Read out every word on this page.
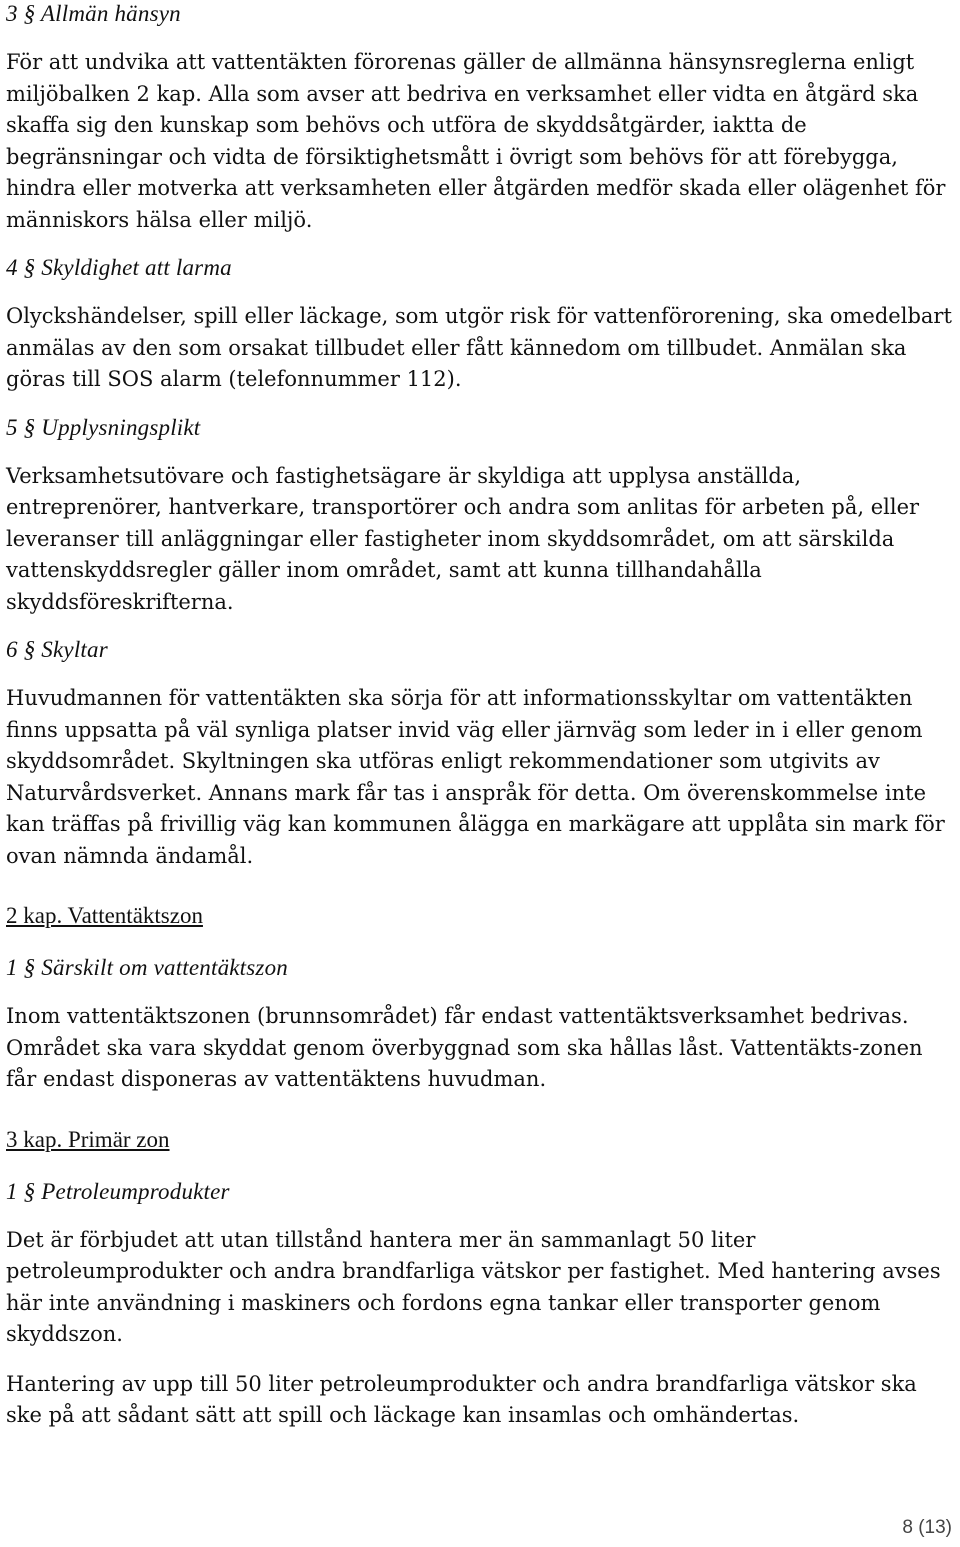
3 § Allmän hänsyn

För att undvika att vattentäkten förorenas gäller de allmänna hänsynsreglerna enligt miljöbalken 2 kap. Alla som avser att bedriva en verksamhet eller vidta en åtgärd ska skaffa sig den kunskap som behövs och utföra de skyddsåtgärder, iaktta de begränsningar och vidta de försiktighetsmått i övrigt som behövs för att förebygga, hindra eller motverka att verksamheten eller åtgärden medför skada eller olägenhet för människors hälsa eller miljö.

4 § Skyldighet att larma

Olyckshändelser, spill eller läckage, som utgör risk för vattenförorening, ska omedelbart anmälas av den som orsakat tillbudet eller fått kännedom om tillbudet. Anmälan ska göras till SOS alarm (telefonnummer 112).

5 § Upplysningsplikt

Verksamhetsutövare och fastighetsägare är skyldiga att upplysa anställda, entreprenörer, hantverkare, transportörer och andra som anlitas för arbeten på, eller leveranser till anläggningar eller fastigheter inom skyddsområdet, om att särskilda vattenskyddsregler gäller inom området, samt att kunna tillhandahålla skyddsföreskrifterna.

6 § Skyltar

Huvudmannen för vattentäkten ska sörja för att informationsskyltar om vattentäkten finns uppsatta på väl synliga platser invid väg eller järnväg som leder in i eller genom skyddsområdet. Skyltningen ska utföras enligt rekommendationer som utgivits av Naturvårdsverket. Annans mark får tas i anspråk för detta. Om överenskommelse inte kan träffas på frivillig väg kan kommunen ålägga en markägare att upplåta sin mark för ovan nämnda ändamål.

2 kap. Vattentäktszon
1 § Särskilt om vattentäktszon

Inom vattentäktszonen (brunnsområdet) får endast vattentäktsverksamhet bedrivas. Området ska vara skyddat genom överbyggnad som ska hållas låst. Vattentäkts-zonen får endast disponeras av vattentäktens huvudman.

3 kap. Primär zon
1 § Petroleumprodukter

Det är förbjudet att utan tillstånd hantera mer än sammanlagt 50 liter petroleumprodukter och andra brandfarliga vätskor per fastighet. Med hantering avses här inte användning i maskiners och fordons egna tankar eller transporter genom skyddszon.

Hantering av upp till 50 liter petroleumprodukter och andra brandfarliga vätskor ska ske på att sådant sätt att spill och läckage kan insamlas och omhändertas.

8 (13)
